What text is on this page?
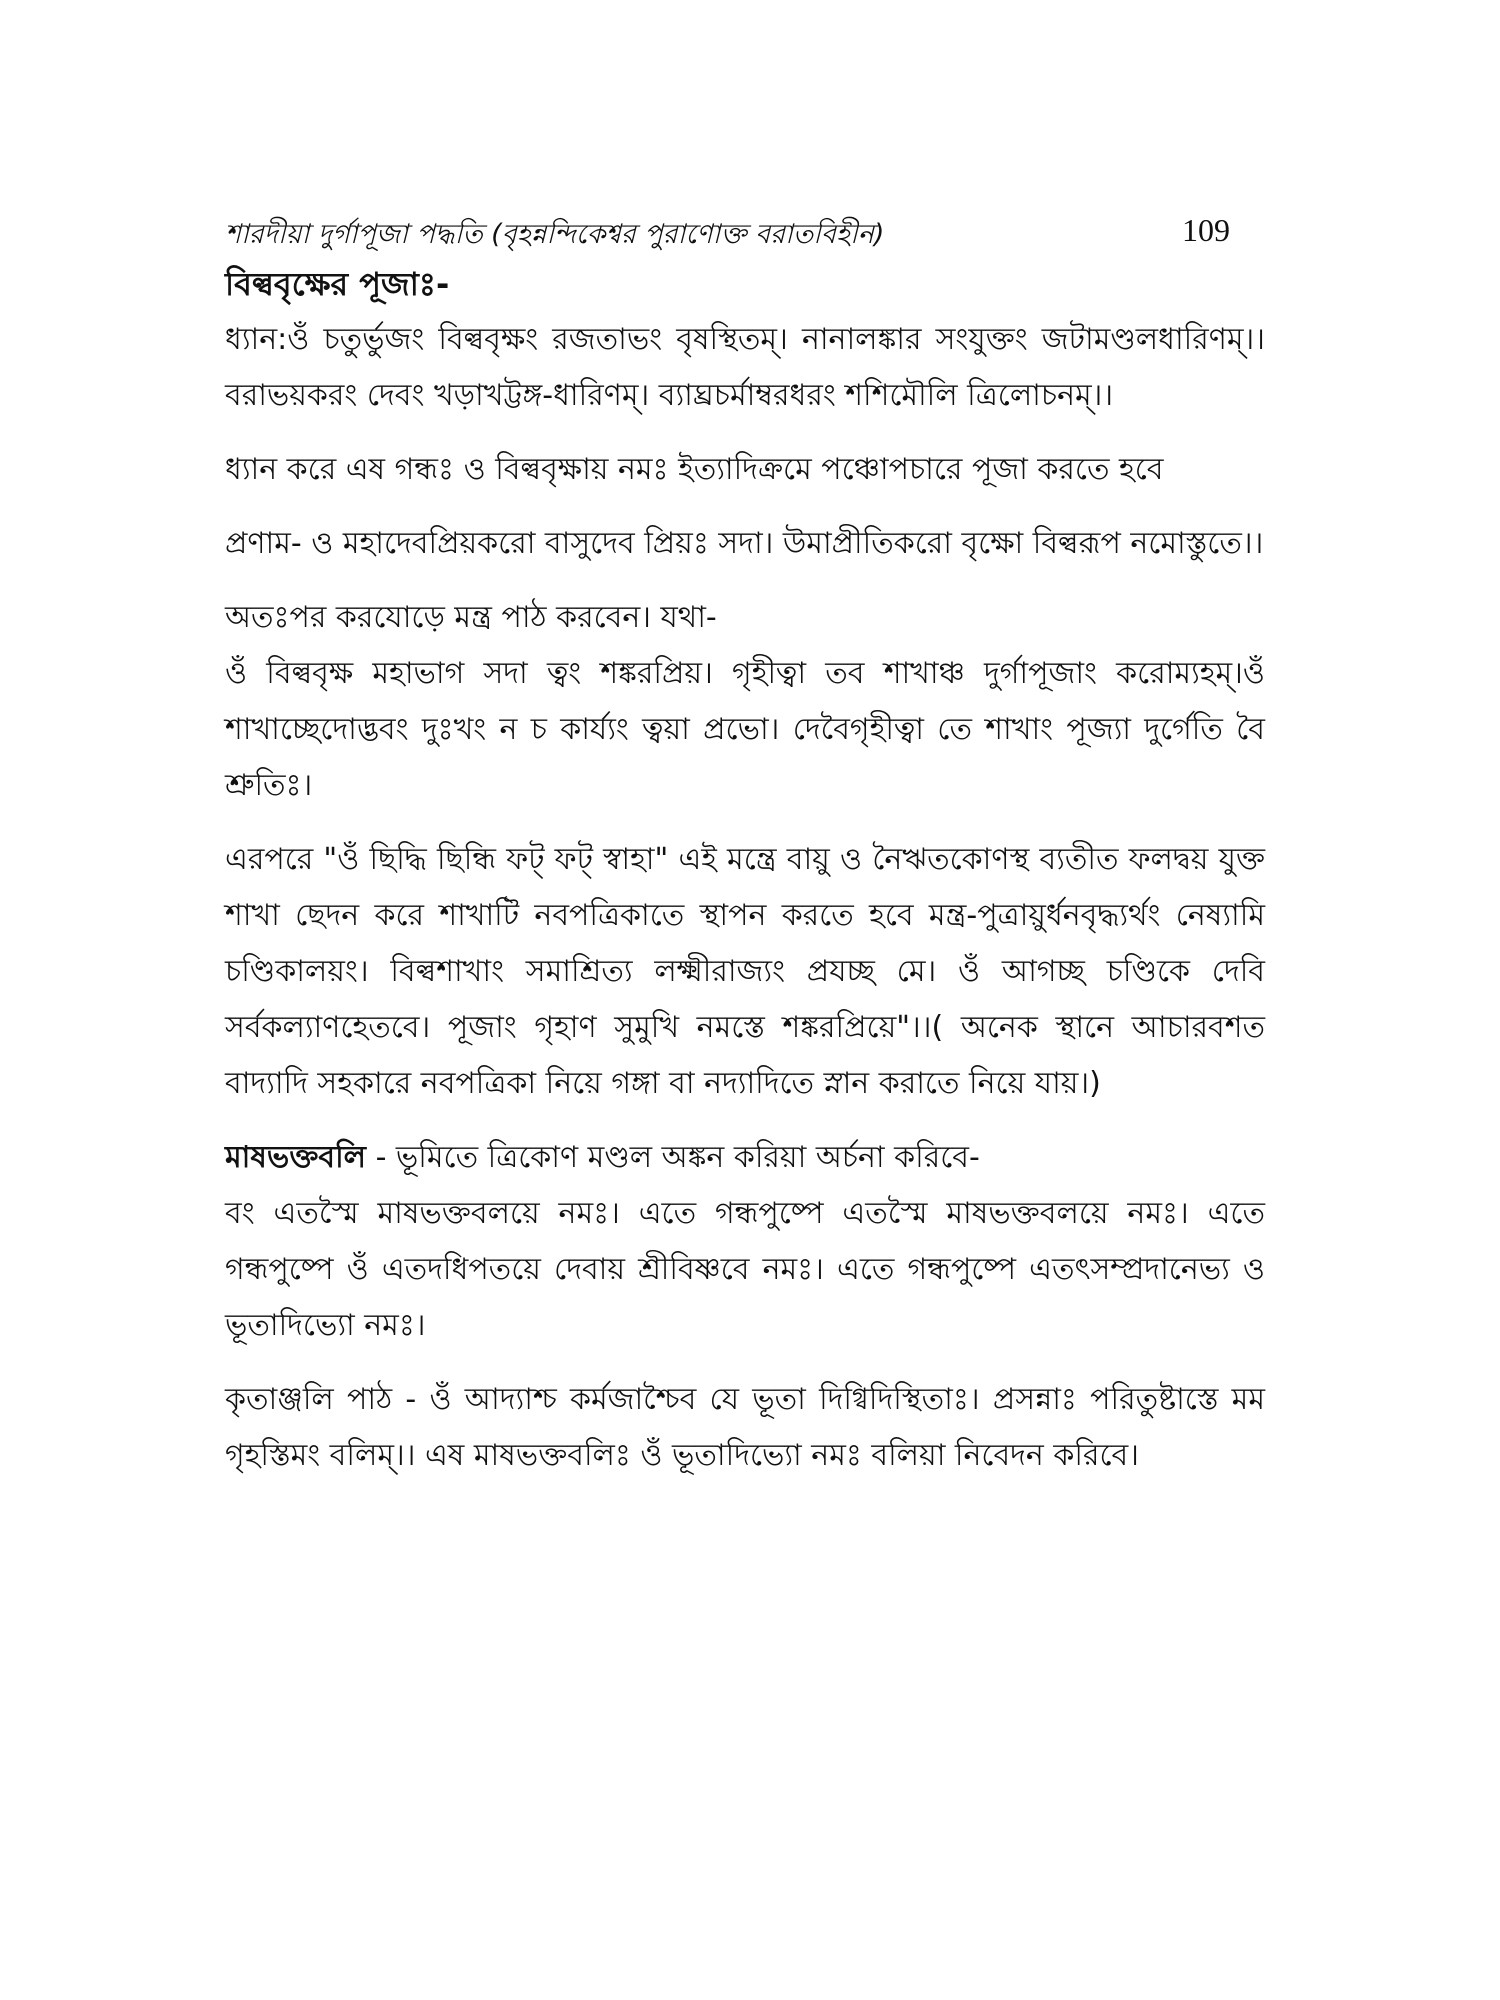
শারদীয়া দুর্গাপূজা পদ্ধতি (বৃহন্নন্দিকেশ্বর পুরাণোক্ত বরাতবিহীন)	109

বিল্ববৃক্ষের পূজাঃ-

ধ্যান:ওঁ চতুর্ভুজং বিল্ববৃক্ষং রজতাভং বৃষস্থিতম্। নানালঙ্কার সংযুক্তং জটামণ্ডলধারিণম্।।বরাভয়করং দেবং খড়াখট্টঙ্গ-ধারিণম্। ব্যাঘ্রচর্মাম্বরধরং শশিমৌলি ত্রিলোচনম্।।

ধ্যান করে এষ গন্ধঃ ও বিল্ববৃক্ষায় নমঃ ইত্যাদিক্রমে পঞ্চোপচারে পূজা করতে হবে

প্রণাম- ও মহাদেবপ্রিয়করো বাসুদেব প্রিয়ঃ সদা। উমাপ্রীতিকরো বৃক্ষো বিল্বরূপ নমোস্তুতে।।

অতঃপর করযোড়ে মন্ত্র পাঠ করবেন। যথা-

ওঁ বিল্ববৃক্ষ মহাভাগ সদা ত্বং শঙ্করপ্রিয়। গৃহীত্বা তব শাখাঞ্চ দুর্গাপূজাং করোম্যহম্।ওঁ শাখাচ্ছেদোদ্ভবং দুঃখং ন চ কার্য্যং ত্বয়া প্রভো। দেবৈগৃহীত্বা তে শাখাং পূজ্যা দুর্গেতি বৈ শ্রুতিঃ।

এরপরে "ওঁ ছিদ্ধি ছিন্ধি ফট্ ফট্ স্বাহা" এই মন্ত্রে বায়ু ও নৈঋতকোণস্থ ব্যতীত ফলদ্বয় যুক্ত শাখা ছেদন করে শাখাটি নবপত্রিকাতে স্থাপন করতে হবে মন্ত্র-পুত্রায়ুর্ধনবৃদ্ধ্যর্থং নেষ্যামি চণ্ডিকালয়ং। বিল্বশাখাং সমাশ্রিত্য লক্ষ্মীরাজ্যং প্রযচ্ছ মে। ওঁ আগচ্ছ চণ্ডিকে দেবি সর্বকল্যাণহেতবে। পূজাং গৃহাণ সুমুখি নমস্তে শঙ্করপ্রিয়ে"।।( অনেক স্থানে আচারবশত বাদ্যাদি সহকারে নবপত্রিকা নিয়ে গঙ্গা বা নদ্যাদিতে স্নান করাতে নিয়ে যায়।)

মাষভক্তবলি - ভূমিতে ত্রিকোণ মণ্ডল অঙ্কন করিয়া অর্চনা করিবে-

বং এতস্মৈ মাষভক্তবলয়ে নমঃ। এতে গন্ধপুষ্পে এতস্মৈ মাষভক্তবলয়ে নমঃ। এতে গন্ধপুষ্পে ওঁ এতদধিপতয়ে দেবায় শ্রীবিষ্ণবে নমঃ। এতে গন্ধপুষ্পে এতৎসম্প্রদানেভ্য ও ভূতাদিভ্যো নমঃ।

কৃতাঞ্জলি পাঠ - ওঁ আদ্যাশ্চ কর্মজাশ্চৈব যে ভূতা দিগ্বিদিস্থিতাঃ। প্রসন্নাঃ পরিতুষ্টাস্তে মম গৃহস্তিমং বলিম্।। এষ মাষভক্তবলিঃ ওঁ ভূতাদিভ্যো নমঃ বলিয়া নিবেদন করিবে।
